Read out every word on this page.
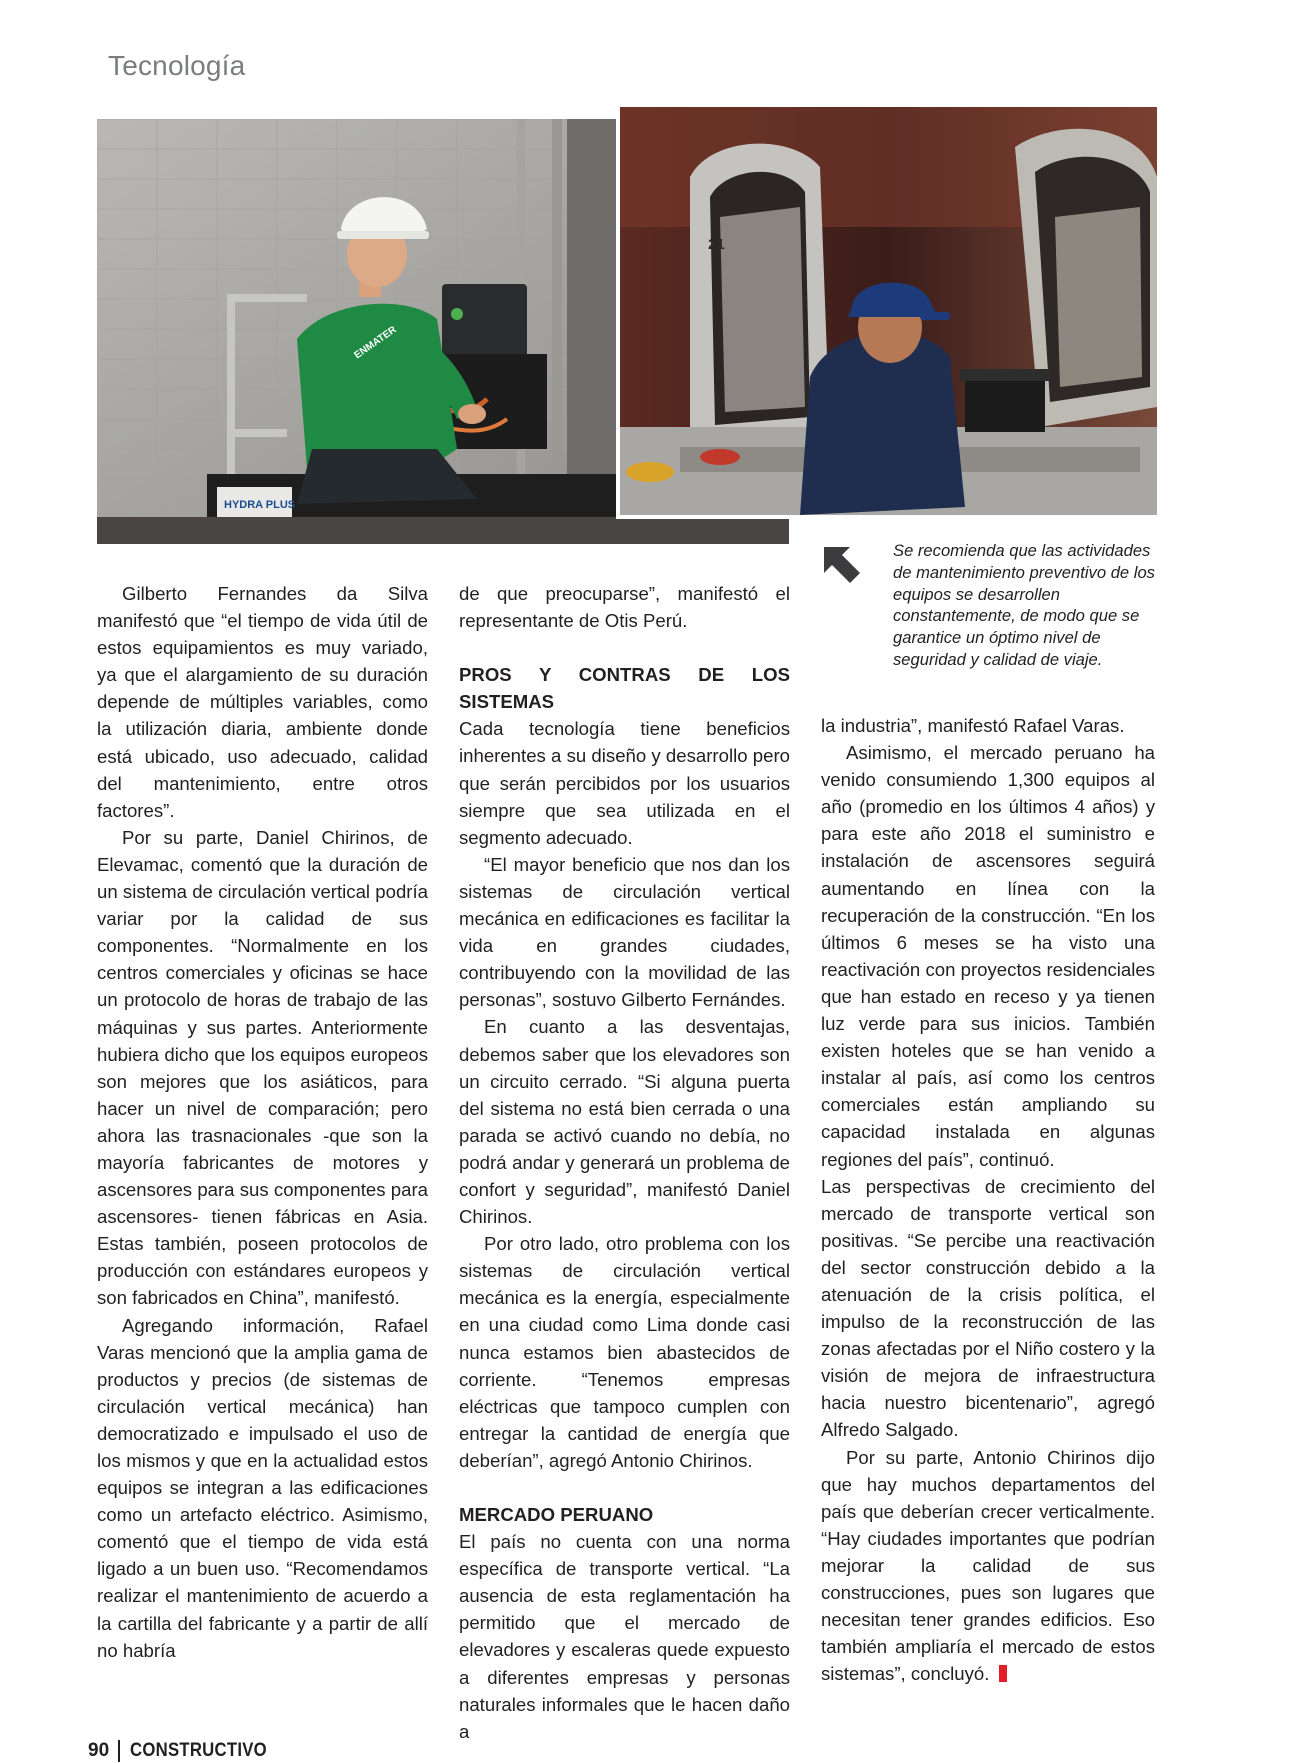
Tecnología
HYDRA PLUS
ENMATER
21
Se recomienda que las actividades de mantenimiento preventivo de los equipos se desarrollen constantemente, de modo que se garantice un óptimo nivel de seguridad y calidad de viaje.

Gilberto Fernandes da Silva manifestó que “el tiempo de vida útil de estos equipamientos es muy variado, ya que el alargamiento de su duración depende de múltiples variables, como la utilización diaria, ambiente donde está ubicado, uso adecuado, calidad del mantenimiento, entre otros factores”.

Por su parte, Daniel Chirinos, de Elevamac, comentó que la duración de un sistema de circulación vertical podría variar por la calidad de sus componentes. “Normalmente en los centros comerciales y oficinas se hace un protocolo de horas de trabajo de las máquinas y sus partes. Anteriormente hubiera dicho que los equipos europeos son mejores que los asiáticos, para hacer un nivel de comparación; pero ahora las trasnacionales -que son la mayoría fabricantes de motores y ascensores para sus componentes para ascensores- tienen fábricas en Asia. Estas también, poseen protocolos de producción con estándares europeos y son fabricados en China”, manifestó.

Agregando información, Rafael Varas mencionó que la amplia gama de productos y precios (de sistemas de circulación vertical mecánica) han democratizado e impulsado el uso de los mismos y que en la actualidad estos equipos se integran a las edificaciones como un artefacto eléctrico. Asimismo, comentó que el tiempo de vida está ligado a un buen uso. “Recomendamos realizar el mantenimiento de acuerdo a la cartilla del fabricante y a partir de allí no habría

de que preocuparse”, manifestó el representante de Otis Perú.

PROS Y CONTRAS DE LOS SISTEMAS

Cada tecnología tiene beneficios inherentes a su diseño y desarrollo pero que serán percibidos por los usuarios siempre que sea utilizada en el segmento adecuado.

“El mayor beneficio que nos dan los sistemas de circulación vertical mecánica en edificaciones es facilitar la vida en grandes ciudades, contribuyendo con la movilidad de las personas”, sostuvo Gilberto Fernándes.

En cuanto a las desventajas, debemos saber que los elevadores son un circuito cerrado. “Si alguna puerta del sistema no está bien cerrada o una parada se activó cuando no debía, no podrá andar y generará un problema de confort y seguridad”, manifestó Daniel Chirinos.

Por otro lado, otro problema con los sistemas de circulación vertical mecánica es la energía, especialmente en una ciudad como Lima donde casi nunca estamos bien abastecidos de corriente. “Tenemos empresas eléctricas que tampoco cumplen con entregar la cantidad de energía que deberían”, agregó Antonio Chirinos.

MERCADO PERUANO

El país no cuenta con una norma específica de transporte vertical. “La ausencia de esta reglamentación ha permitido que el mercado de elevadores y escaleras quede expuesto a diferentes empresas y personas naturales informales que le hacen daño a

la industria”, manifestó Rafael Varas.

Asimismo, el mercado peruano ha venido consumiendo 1,300 equipos al año (promedio en los últimos 4 años) y para este año 2018 el suministro e instalación de ascensores seguirá aumentando en línea con la recuperación de la construcción. “En los últimos 6 meses se ha visto una reactivación con proyectos residenciales que han estado en receso y ya tienen luz verde para sus inicios. También existen hoteles que se han venido a instalar al país, así como los centros comerciales están ampliando su capacidad instalada en algunas regiones del país”, continuó.

Las perspectivas de crecimiento del mercado de transporte vertical son positivas. “Se percibe una reactivación del sector construcción debido a la atenuación de la crisis política, el impulso de la reconstrucción de las zonas afectadas por el Niño costero y la visión de mejora de infraestructura hacia nuestro bicentenario”, agregó Alfredo Salgado.

Por su parte, Antonio Chirinos dijo que hay muchos departamentos del país que deberían crecer verticalmente. “Hay ciudades importantes que podrían mejorar la calidad de sus construcciones, pues son lugares que necesitan tener grandes edificios. Eso también ampliaría el mercado de estos sistemas”, concluyó.

90 CONSTRUCTIVO
